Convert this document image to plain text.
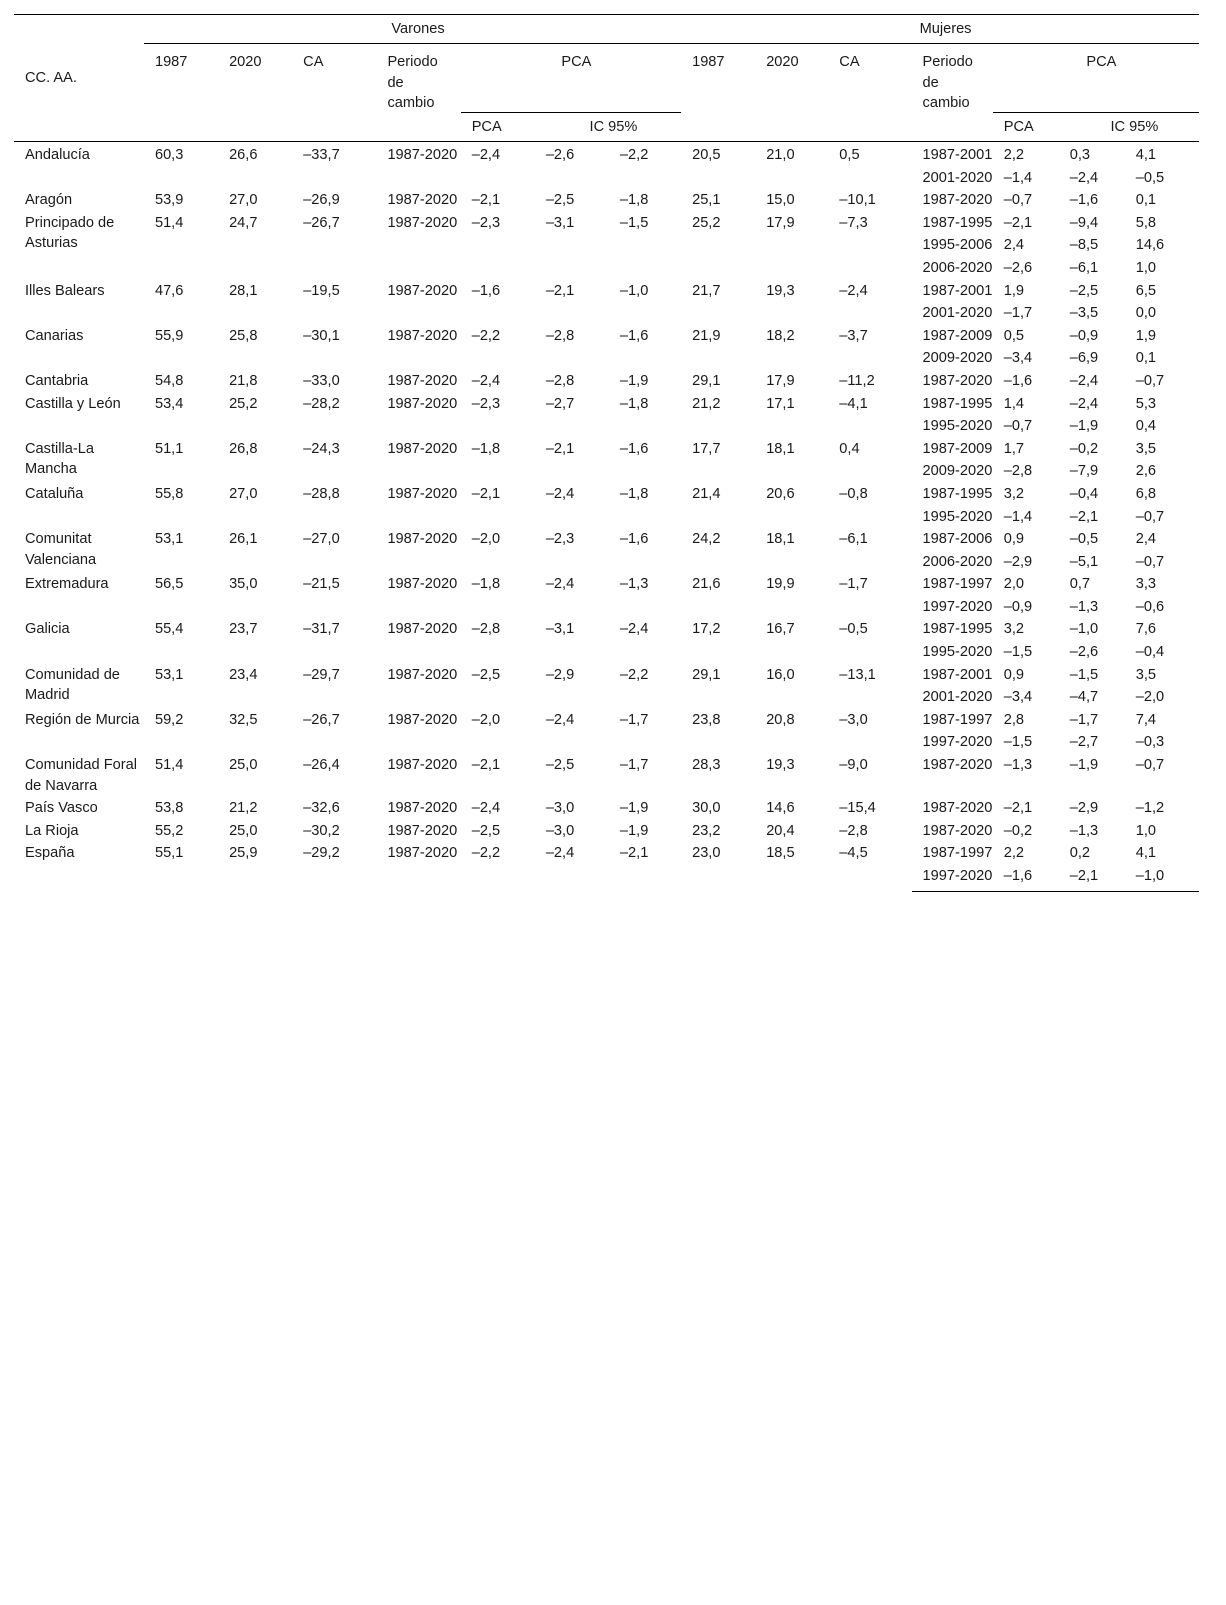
CC. AA.	Varones							Mujeres						
	1987	2020	CA	Periodo de cambio	PCA			1987	2020	CA	Periodo de cambio	PCA		
					PCA	IC 95%						PCA	IC 95%	

Andalucía	60,3	26,6	–33,7	1987-2020	–2,4	–2,6	–2,2	20,5	21,0	0,5	1987-2001	2,2	0,3	4,1
											2001-2020	–1,4	–2,4	–0,5
Aragón	53,9	27,0	–26,9	1987-2020	–2,1	–2,5	–1,8	25,1	15,0	–10,1	1987-2020	–0,7	–1,6	0,1
Principado de Asturias	51,4	24,7	–26,7	1987-2020	–2,3	–3,1	–1,5	25,2	17,9	–7,3	1987-1995	–2,1	–9,4	5,8
											1995-2006	2,4	–8,5	14,6
											2006-2020	–2,6	–6,1	1,0
Illes Balears	47,6	28,1	–19,5	1987-2020	–1,6	–2,1	–1,0	21,7	19,3	–2,4	1987-2001	1,9	–2,5	6,5
											2001-2020	–1,7	–3,5	0,0
Canarias	55,9	25,8	–30,1	1987-2020	–2,2	–2,8	–1,6	21,9	18,2	–3,7	1987-2009	0,5	–0,9	1,9
											2009-2020	–3,4	–6,9	0,1
Cantabria	54,8	21,8	–33,0	1987-2020	–2,4	–2,8	–1,9	29,1	17,9	–11,2	1987-2020	–1,6	–2,4	–0,7
Castilla y León	53,4	25,2	–28,2	1987-2020	–2,3	–2,7	–1,8	21,2	17,1	–4,1	1987-1995	1,4	–2,4	5,3
											1995-2020	–0,7	–1,9	0,4
Castilla-La Mancha	51,1	26,8	–24,3	1987-2020	–1,8	–2,1	–1,6	17,7	18,1	0,4	1987-2009	1,7	–0,2	3,5
											2009-2020	–2,8	–7,9	2,6
Cataluña	55,8	27,0	–28,8	1987-2020	–2,1	–2,4	–1,8	21,4	20,6	–0,8	1987-1995	3,2	–0,4	6,8
											1995-2020	–1,4	–2,1	–0,7
Comunitat Valenciana	53,1	26,1	–27,0	1987-2020	–2,0	–2,3	–1,6	24,2	18,1	–6,1	1987-2006	0,9	–0,5	2,4
											2006-2020	–2,9	–5,1	–0,7
Extremadura	56,5	35,0	–21,5	1987-2020	–1,8	–2,4	–1,3	21,6	19,9	–1,7	1987-1997	2,0	0,7	3,3
											1997-2020	–0,9	–1,3	–0,6
Galicia	55,4	23,7	–31,7	1987-2020	–2,8	–3,1	–2,4	17,2	16,7	–0,5	1987-1995	3,2	–1,0	7,6
											1995-2020	–1,5	–2,6	–0,4
Comunidad de Madrid	53,1	23,4	–29,7	1987-2020	–2,5	–2,9	–2,2	29,1	16,0	–13,1	1987-2001	0,9	–1,5	3,5
											2001-2020	–3,4	–4,7	–2,0
Región de Murcia	59,2	32,5	–26,7	1987-2020	–2,0	–2,4	–1,7	23,8	20,8	–3,0	1987-1997	2,8	–1,7	7,4
											1997-2020	–1,5	–2,7	–0,3
Comunidad Foral de Navarra	51,4	25,0	–26,4	1987-2020	–2,1	–2,5	–1,7	28,3	19,3	–9,0	1987-2020	–1,3	–1,9	–0,7
País Vasco	53,8	21,2	–32,6	1987-2020	–2,4	–3,0	–1,9	30,0	14,6	–15,4	1987-2020	–2,1	–2,9	–1,2
La Rioja	55,2	25,0	–30,2	1987-2020	–2,5	–3,0	–1,9	23,2	20,4	–2,8	1987-2020	–0,2	–1,3	1,0
España	55,1	25,9	–29,2	1987-2020	–2,2	–2,4	–2,1	23,0	18,5	–4,5	1987-1997	2,2	0,2	4,1
											1997-2020	–1,6	–2,1	–1,0
